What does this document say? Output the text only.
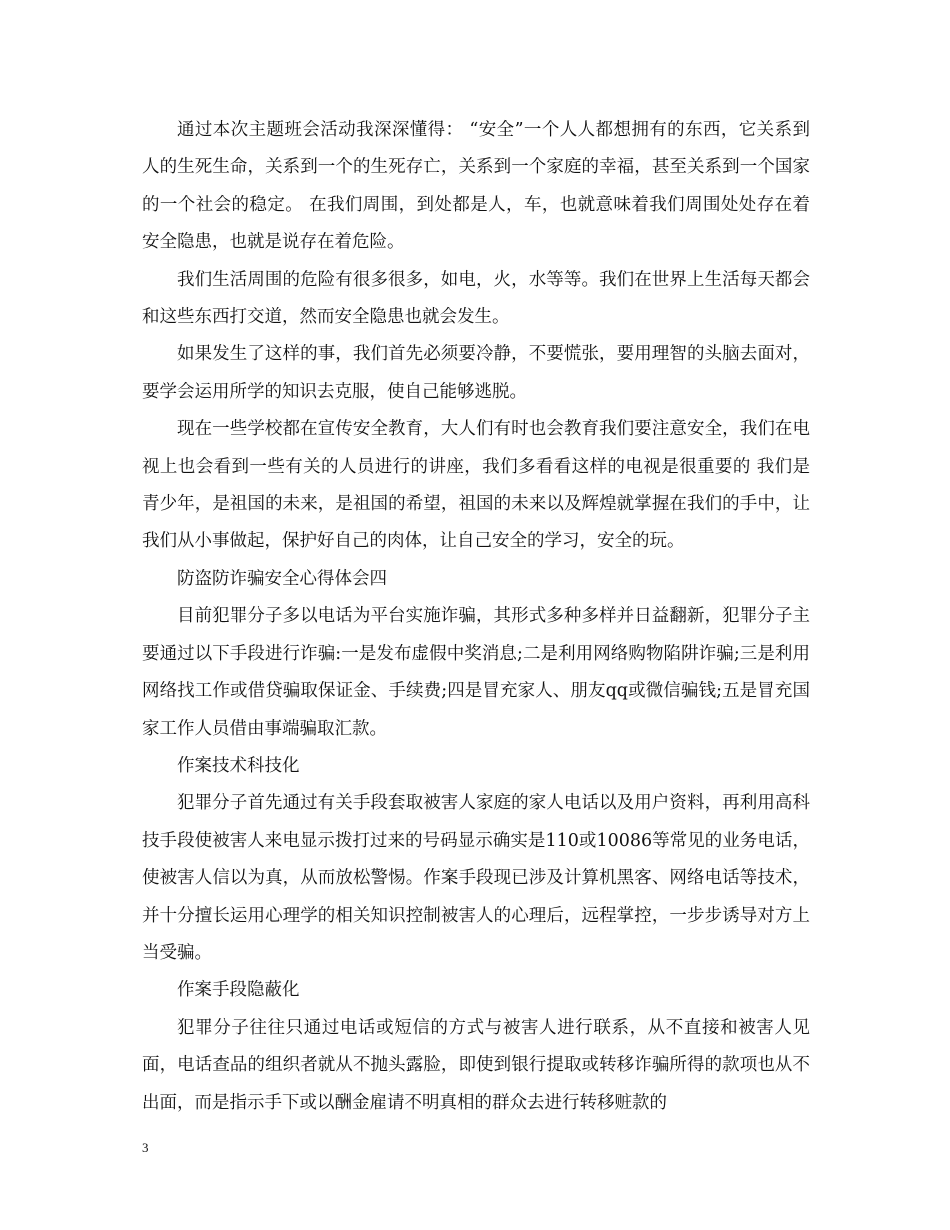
通过本次主题班会活动我深深懂得： “安全”一个人人都想拥有的东西，它关系到人的生死生命，关系到一个的生死存亡，关系到一个家庭的幸福，甚至关系到一个国家的一个社会的稳定。 在我们周围，到处都是人，车，也就意味着我们周围处处存在着安全隐患，也就是说存在着危险。

我们生活周围的危险有很多很多，如电，火，水等等。我们在世界上生活每天都会和这些东西打交道，然而安全隐患也就会发生。

如果发生了这样的事，我们首先必须要冷静，不要慌张，要用理智的头脑去面对，要学会运用所学的知识去克服，使自己能够逃脱。

现在一些学校都在宣传安全教育，大人们有时也会教育我们要注意安全，我们在电视上也会看到一些有关的人员进行的讲座，我们多看看这样的电视是很重要的 我们是青少年，是祖国的未来，是祖国的希望，祖国的未来以及辉煌就掌握在我们的手中，让我们从小事做起，保护好自己的肉体，让自己安全的学习，安全的玩。

防盗防诈骗安全心得体会四

目前犯罪分子多以电话为平台实施诈骗，其形式多种多样并日益翻新，犯罪分子主要通过以下手段进行诈骗:一是发布虚假中奖消息;二是利用网络购物陷阱诈骗;三是利用网络找工作或借贷骗取保证金、手续费;四是冒充家人、朋友qq或微信骗钱;五是冒充国家工作人员借由事端骗取汇款。

作案技术科技化

犯罪分子首先通过有关手段套取被害人家庭的家人电话以及用户资料，再利用高科技手段使被害人来电显示拨打过来的号码显示确实是110或10086等常见的业务电话，使被害人信以为真，从而放松警惕。作案手段现已涉及计算机黑客、网络电话等技术，并十分擅长运用心理学的相关知识控制被害人的心理后，远程掌控，一步步诱导对方上当受骗。

作案手段隐蔽化

犯罪分子往往只通过电话或短信的方式与被害人进行联系，从不直接和被害人见面，电话查品的组织者就从不抛头露脸，即使到银行提取或转移诈骗所得的款项也从不出面，而是指示手下或以酬金雇请不明真相的群众去进行转移赃款的

3
